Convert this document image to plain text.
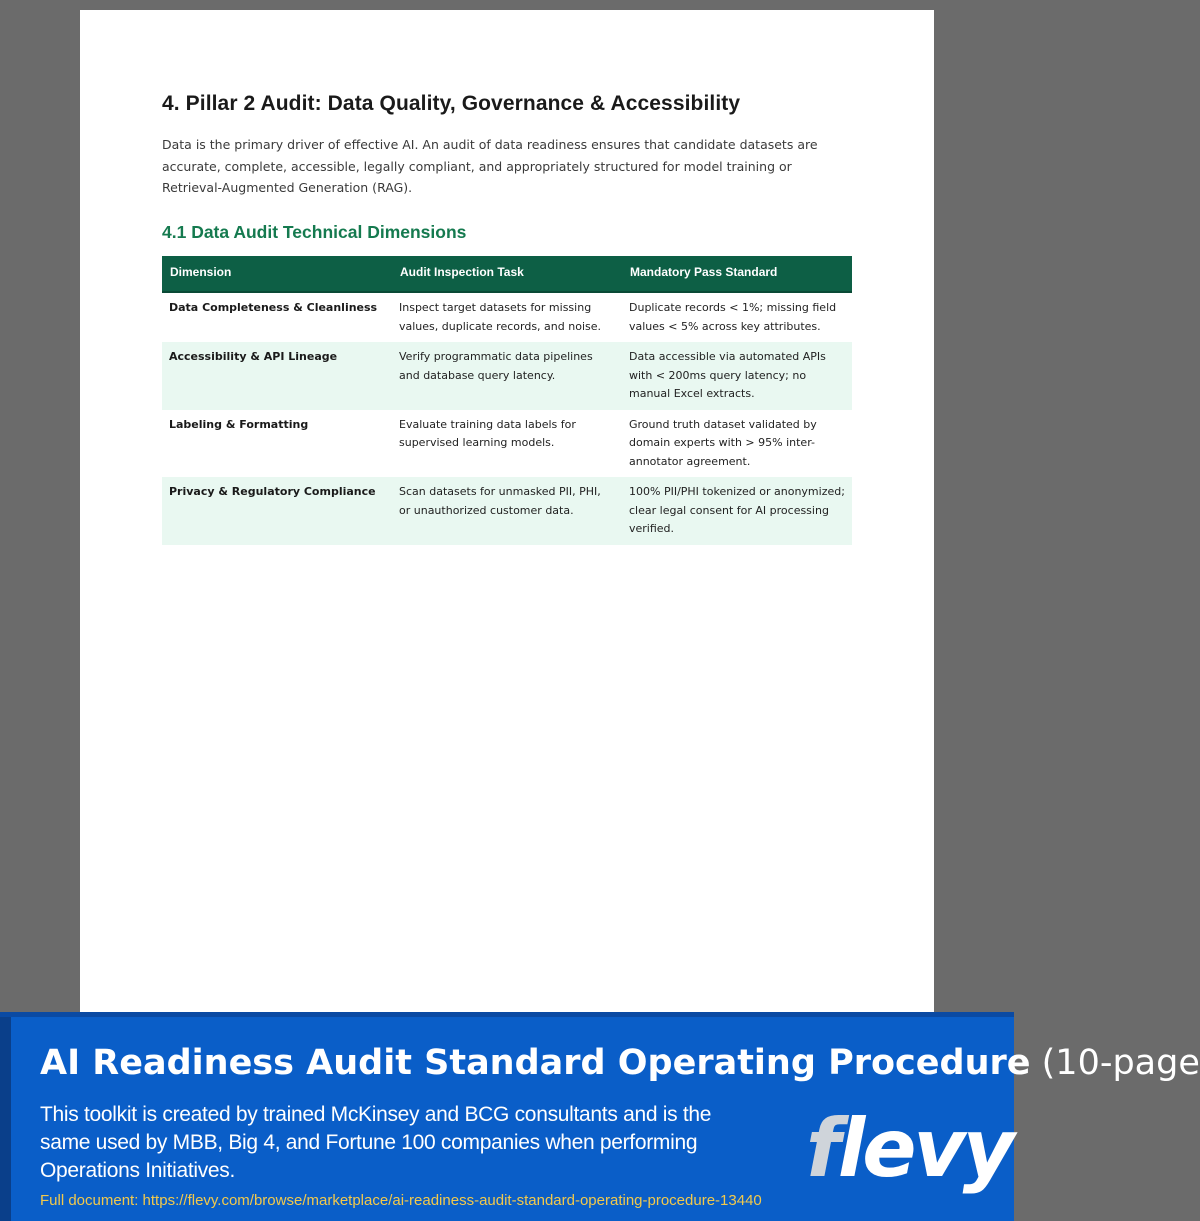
4. Pillar 2 Audit: Data Quality, Governance & Accessibility

Data is the primary driver of effective AI. An audit of data readiness ensures that candidate datasets are accurate, complete, accessible, legally compliant, and appropriately structured for model training or Retrieval-Augmented Generation (RAG).

4.1 Data Audit Technical Dimensions
Dimension	Audit Inspection Task	Mandatory Pass Standard
Data Completeness & Cleanliness	Inspect target datasets for missing values, duplicate records, and noise.	Duplicate records < 1%; missing field values < 5% across key attributes.
Accessibility & API Lineage	Verify programmatic data pipelines and database query latency.	Data accessible via automated APIs with < 200ms query latency; no manual Excel extracts.
Labeling & Formatting	Evaluate training data labels for supervised learning models.	Ground truth dataset validated by domain experts with > 95% inter-annotator agreement.
Privacy & Regulatory Compliance	Scan datasets for unmasked PII, PHI, or unauthorized customer data.	100% PII/PHI tokenized or anonymized; clear legal consent for AI processing verified.

AI Readiness Audit Standard Operating Procedure (10-page

This toolkit is created by trained McKinsey and BCG consultants and is the same used by MBB, Big 4, and Fortune 100 companies when performing Operations Initiatives.

Full document: https://flevy.com/browse/marketplace/ai-readiness-audit-standard-operating-procedure-13440

flevy
